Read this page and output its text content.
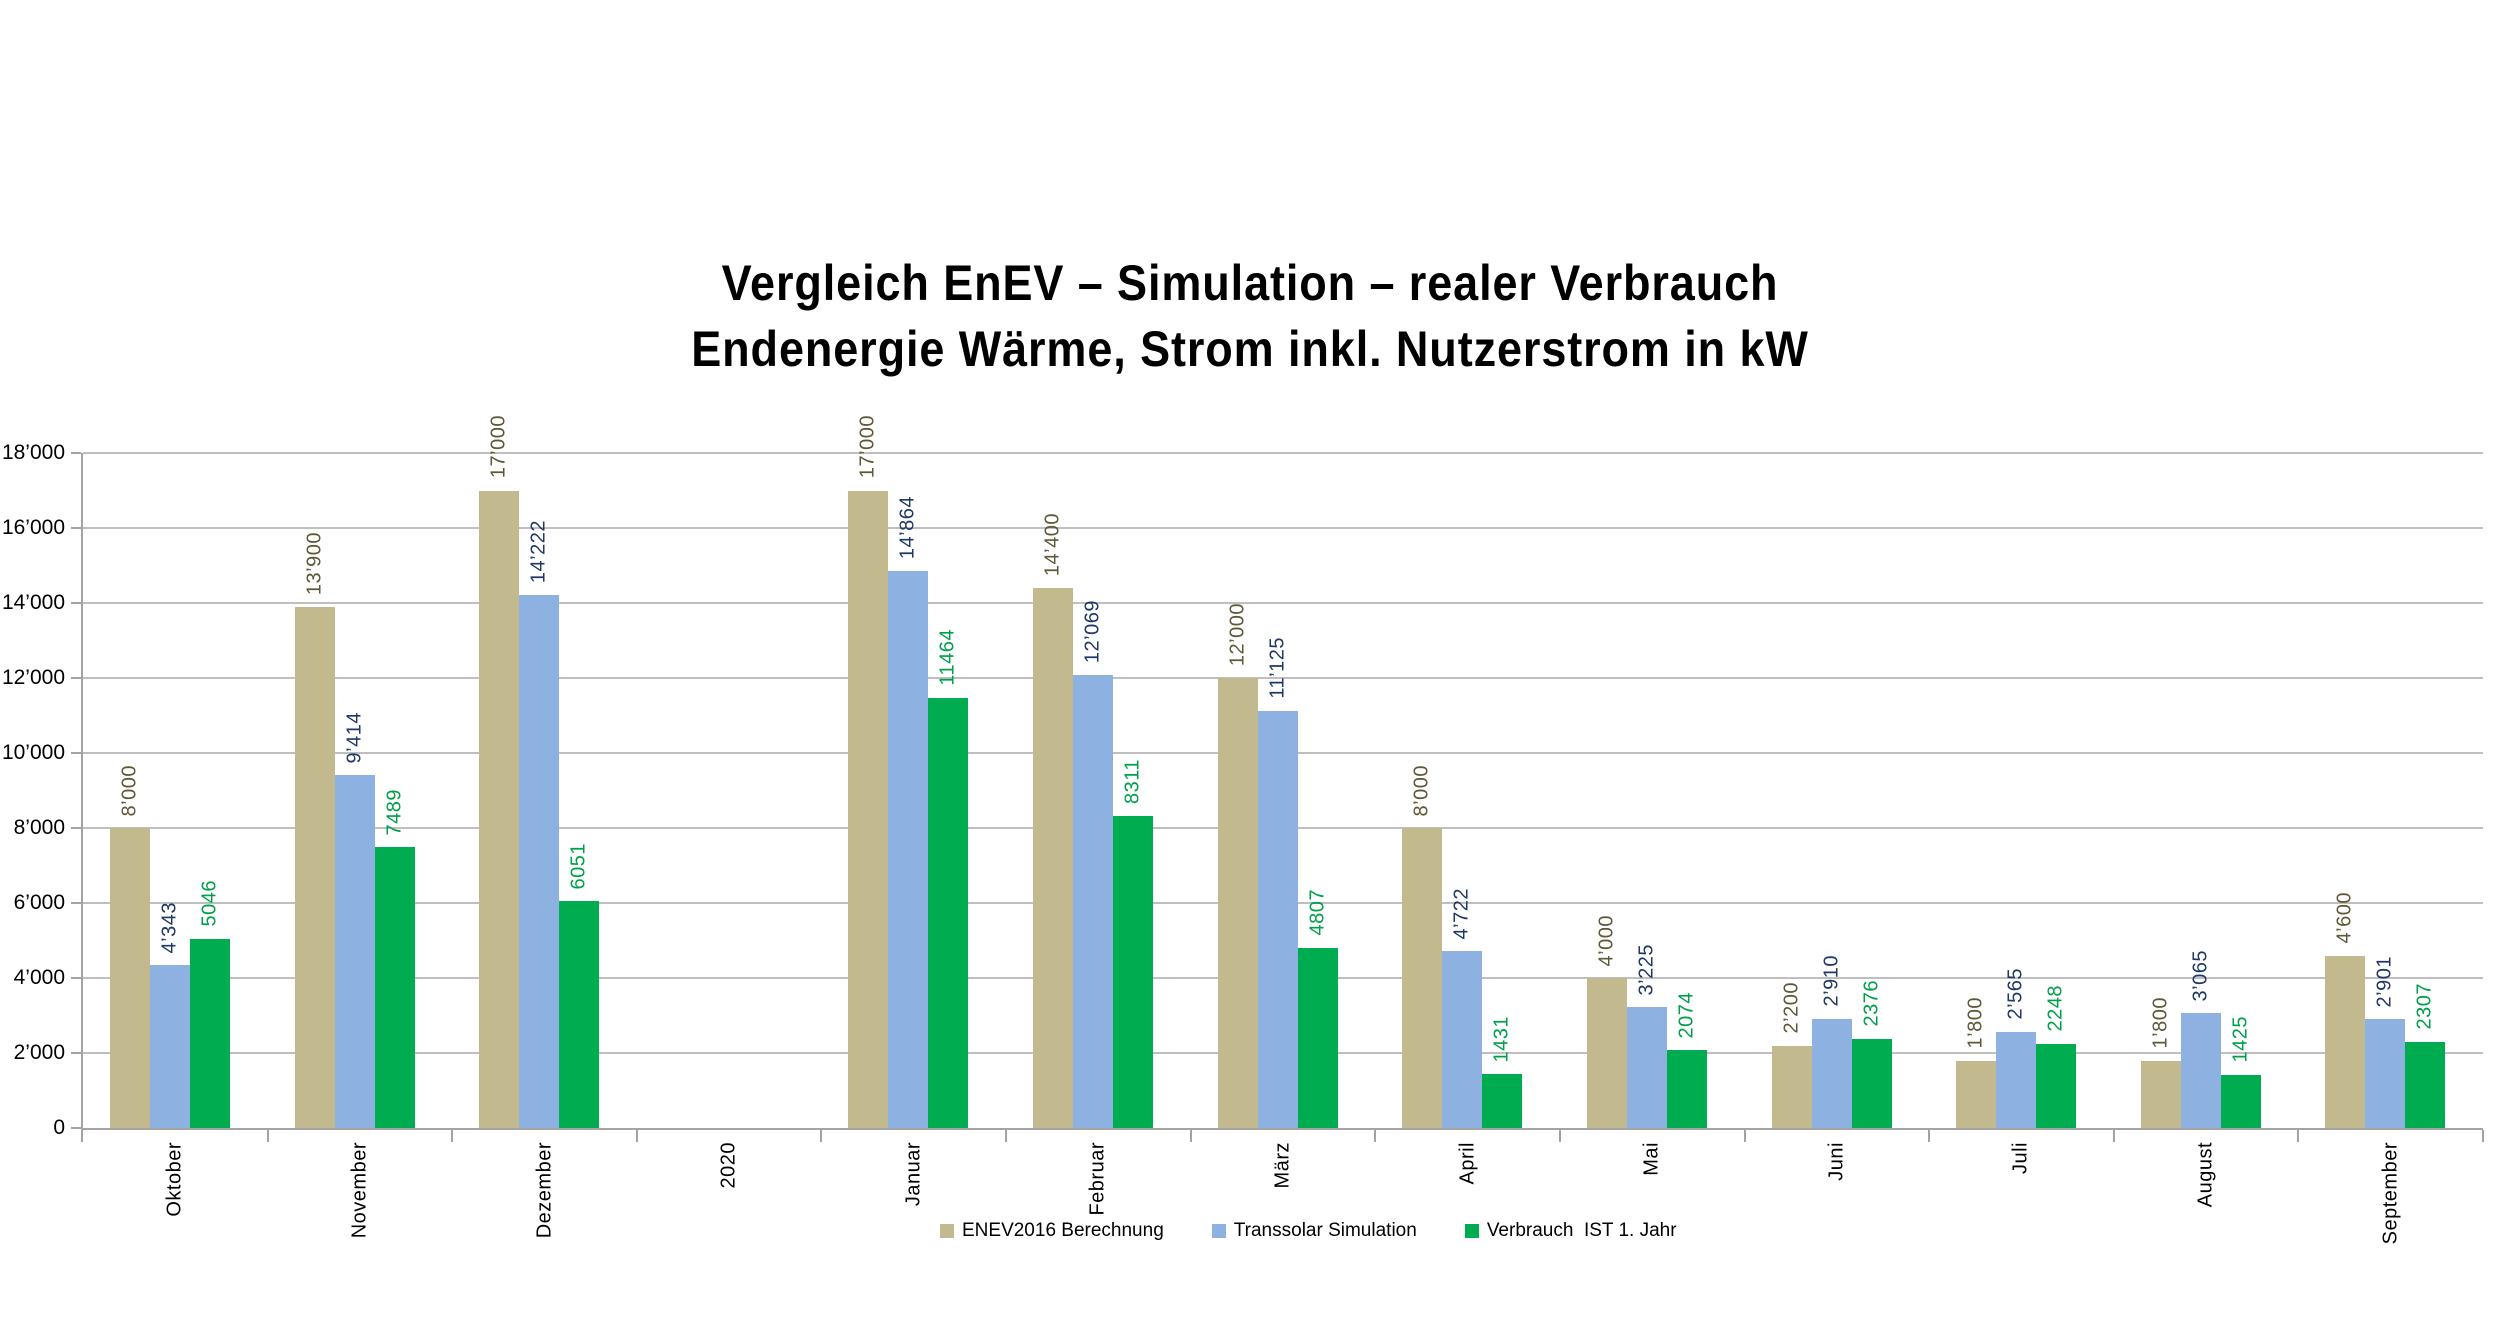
Vergleich EnEV – Simulation – realer Verbrauch
Endenergie Wärme, Strom inkl. Nutzerstrom in kW
0
2’000
4’000
6’000
8’000
10’000
12’000
14’000
16’000
18’000
8’000
13’900
17’000	17’000
14’400
12’000
8’000
4’000
2’200	1’800	1’800
4’600
4’343
9’414
14’222	14’864
12’069
11’125
4’722
3’225	2’910	2’565	3’065	2’901
5046
7489
6051
11464
8311
4807
1431
2074	2376	2248
1425
2307
Oktober	November	Dezember	2020	Januar	Februar	März	April	Mai	Juni	Juli	August	September
ENEV2016 Berechnung	Transsolar Simulation	Verbrauch  IST 1. Jahr
